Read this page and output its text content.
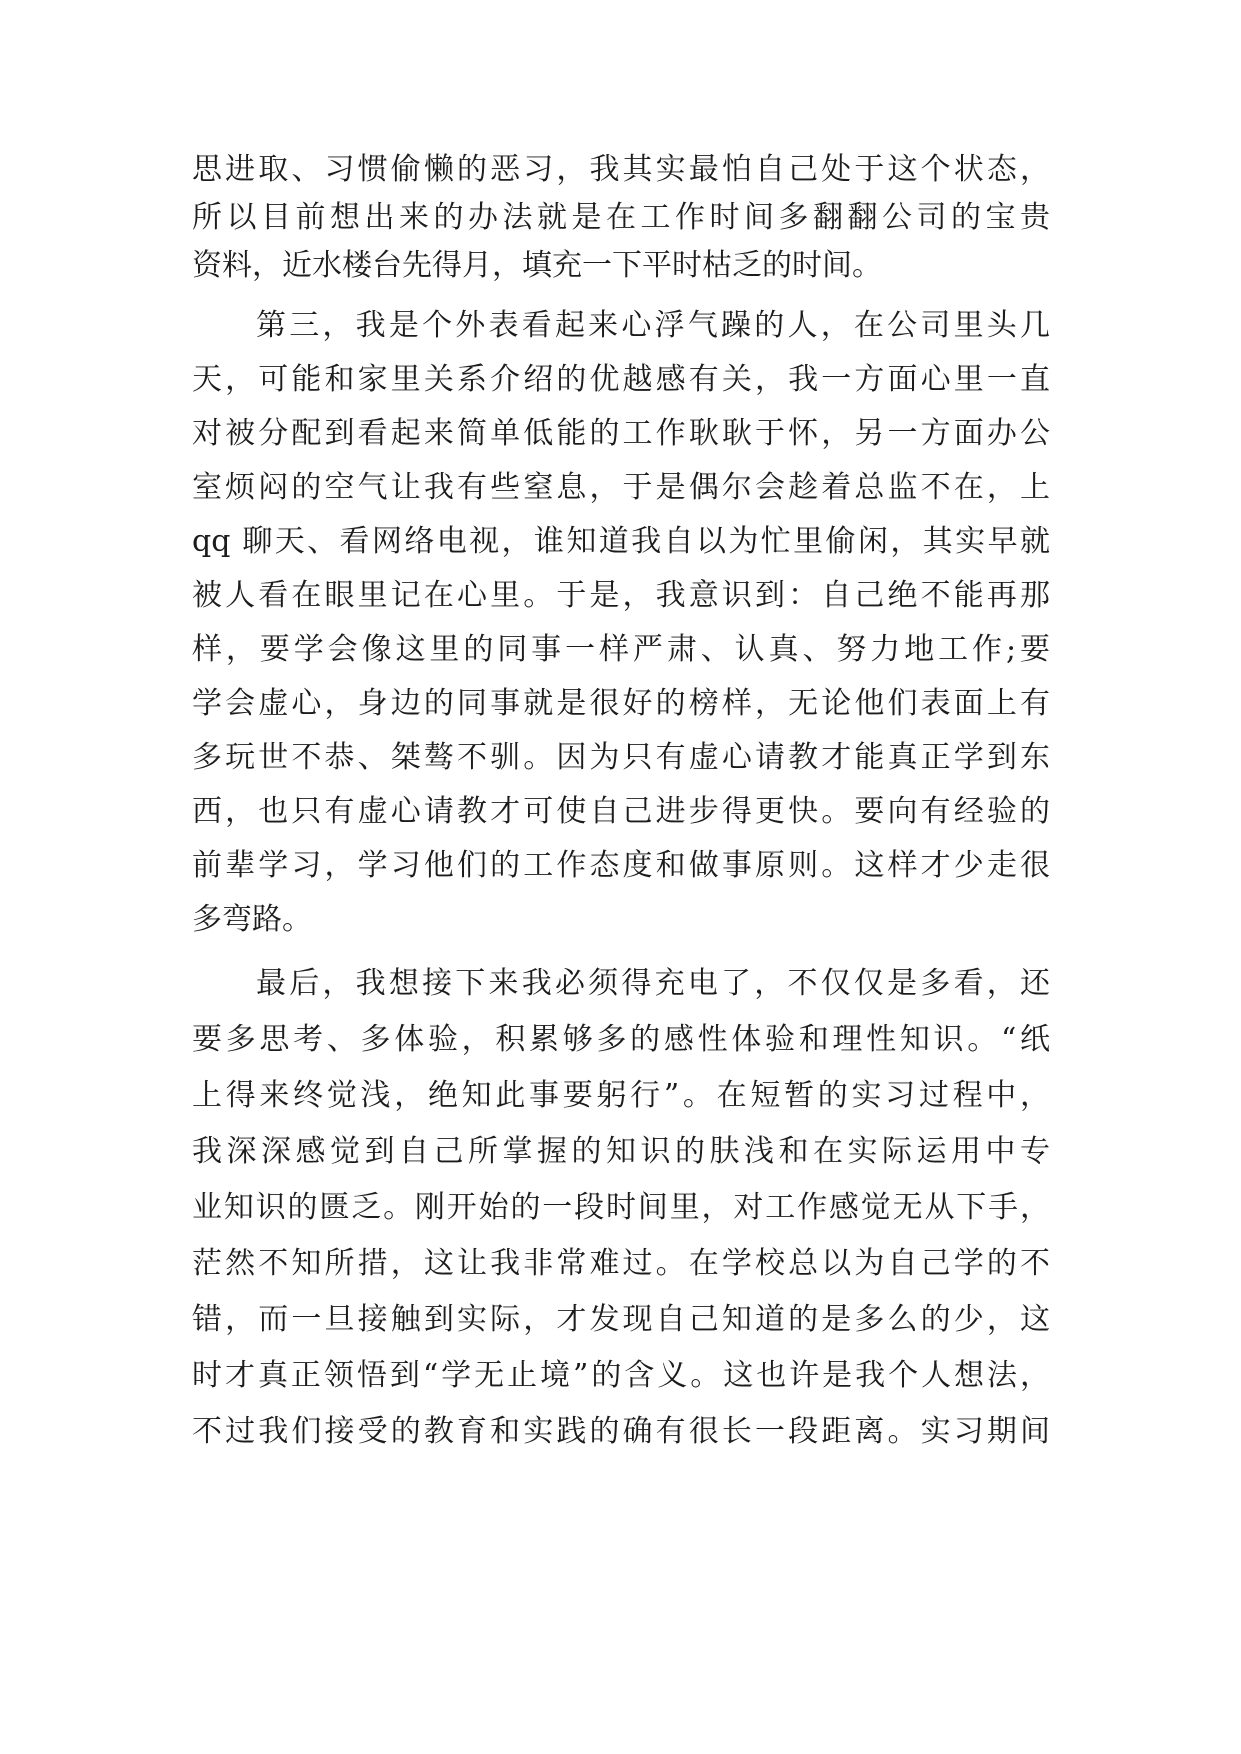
思进取、习惯偷懒的恶习，我其实最怕自己处于这个状态，
所以目前想出来的办法就是在工作时间多翻翻公司的宝贵
资料，近水楼台先得月，填充一下平时枯乏的时间。
第三，我是个外表看起来心浮气躁的人，在公司里头几
天，可能和家里关系介绍的优越感有关，我一方面心里一直
对被分配到看起来简单低能的工作耿耿于怀，另一方面办公
室烦闷的空气让我有些窒息，于是偶尔会趁着总监不在，上
qq 聊天、看网络电视，谁知道我自以为忙里偷闲，其实早就
被人看在眼里记在心里。于是，我意识到：自己绝不能再那
样，要学会像这里的同事一样严肃、认真、努力地工作;要
学会虚心，身边的同事就是很好的榜样，无论他们表面上有
多玩世不恭、桀骜不驯。因为只有虚心请教才能真正学到东
西，也只有虚心请教才可使自己进步得更快。要向有经验的
前辈学习，学习他们的工作态度和做事原则。这样才少走很
多弯路。
最后，我想接下来我必须得充电了，不仅仅是多看，还
要多思考、多体验，积累够多的感性体验和理性知识。“纸
上得来终觉浅，绝知此事要躬行”。在短暂的实习过程中，
我深深感觉到自己所掌握的知识的肤浅和在实际运用中专
业知识的匮乏。刚开始的一段时间里，对工作感觉无从下手，
茫然不知所措，这让我非常难过。在学校总以为自己学的不
错，而一旦接触到实际，才发现自己知道的是多么的少，这
时才真正领悟到“学无止境”的含义。这也许是我个人想法，
不过我们接受的教育和实践的确有很长一段距离。实习期间
